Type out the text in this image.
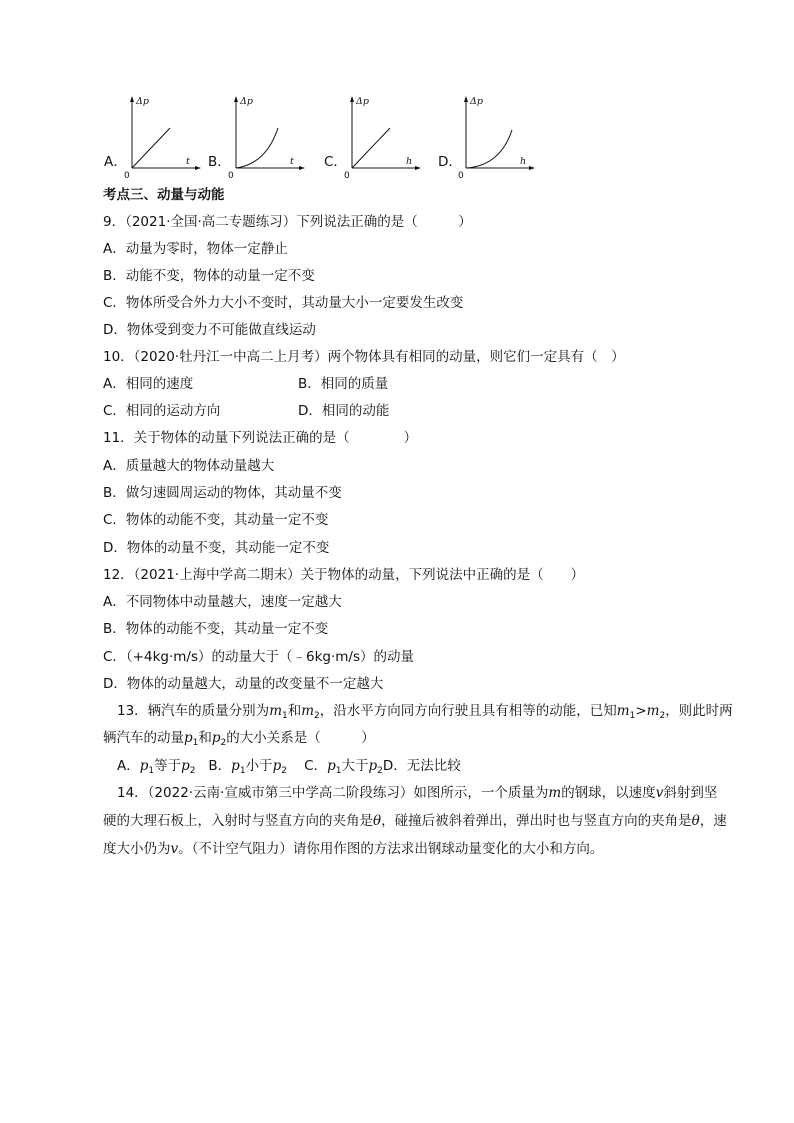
A．
Δp
t
0
B．
Δp
t
0
C．
Δp
h
0
D．
Δp
h
0
考点三、动量与动能
9．（2021·全国·高二专题练习）下列说法正确的是（　　　）
A．动量为零时，物体一定静止
B．动能不变，物体的动量一定不变
C．物体所受合外力大小不变时，其动量大小一定要发生改变
D．物体受到变力不可能做直线运动
10．（2020·牡丹江一中高二上月考）两个物体具有相同的动量，则它们一定具有（　）
A．相同的速度	B．相同的质量
C．相同的运动方向	D．相同的动能
11．关于物体的动量下列说法正确的是（　　　　）
A．质量越大的物体动量越大
B．做匀速圆周运动的物体，其动量不变
C．物体的动能不变，其动量一定不变
D．物体的动量不变，其动能一定不变
12．（2021·上海中学高二期末）关于物体的动量，下列说法中正确的是（　　）
A．不同物体中动量越大，速度一定越大
B．物体的动能不变，其动量一定不变
C．（+4kg·m/s）的动量大于（﹣6kg·m/s）的动量
D．物体的动量越大，动量的改变量不一定越大
13．辆汽车的质量分别为$m_1$和$m_2$，沿水平方向同方向行驶且具有相等的动能，已知$m_1>m_2$，则此时两
辆汽车的动量$p_1$和$p_2$的大小关系是（　　　）
A．$p_1$等于$p_2$ B．$p_1$小于$p_2$ C．$p_1$大于$p_2D$．无法比较
14．（2022·云南·宣威市第三中学高二阶段练习）如图所示，一个质量为m的钢球，以速度v斜射到坚
硬的大理石板上，入射时与竖直方向的夹角是θ，碰撞后被斜着弹出，弹出时也与竖直方向的夹角是θ，速
度大小仍为v。（不计空气阻力）请你用作图的方法求出钢球动量变化的大小和方向。
